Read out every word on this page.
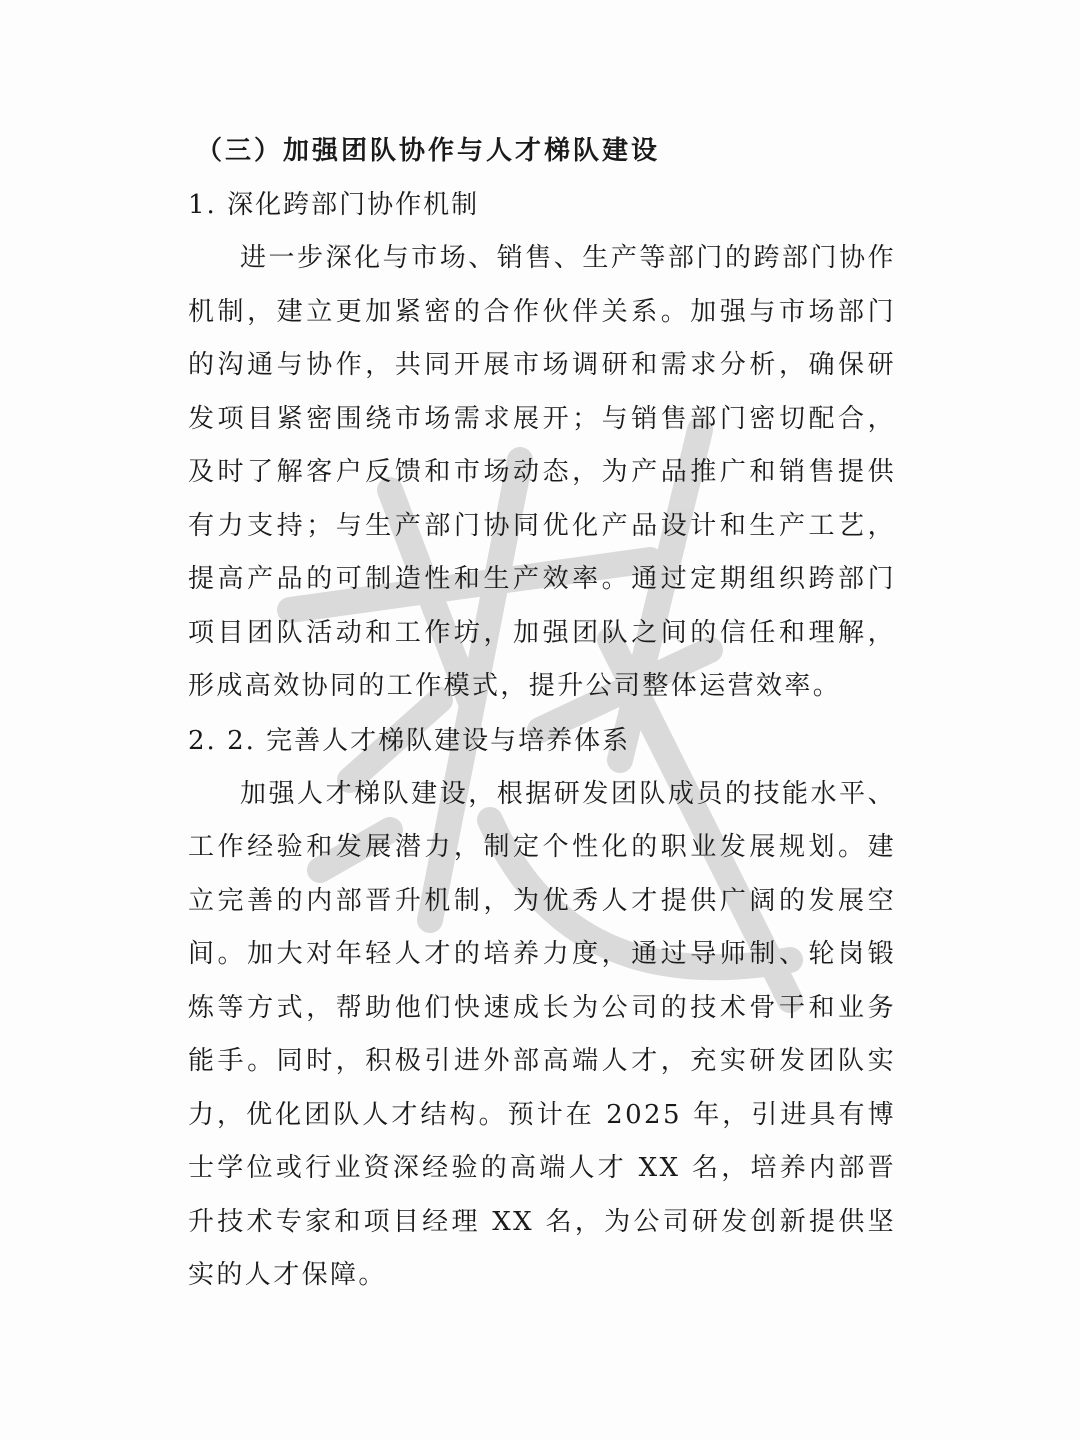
（三）加强团队协作与人才梯队建设

1. 深化跨部门协作机制

进一步深化与市场、销售、生产等部门的跨部门协作机制，建立更加紧密的合作伙伴关系。加强与市场部门的沟通与协作，共同开展市场调研和需求分析，确保研发项目紧密围绕市场需求展开；与销售部门密切配合，及时了解客户反馈和市场动态，为产品推广和销售提供有力支持；与生产部门协同优化产品设计和生产工艺，提高产品的可制造性和生产效率。通过定期组织跨部门项目团队活动和工作坊，加强团队之间的信任和理解，形成高效协同的工作模式，提升公司整体运营效率。

2. 2. 完善人才梯队建设与培养体系

加强人才梯队建设，根据研发团队成员的技能水平、工作经验和发展潜力，制定个性化的职业发展规划。建立完善的内部晋升机制，为优秀人才提供广阔的发展空间。加大对年轻人才的培养力度，通过导师制、轮岗锻炼等方式，帮助他们快速成长为公司的技术骨干和业务能手。同时，积极引进外部高端人才，充实研发团队实力，优化团队人才结构。预计在 2025 年，引进具有博士学位或行业资深经验的高端人才 XX 名，培养内部晋升技术专家和项目经理 XX 名，为公司研发创新提供坚实的人才保障。
